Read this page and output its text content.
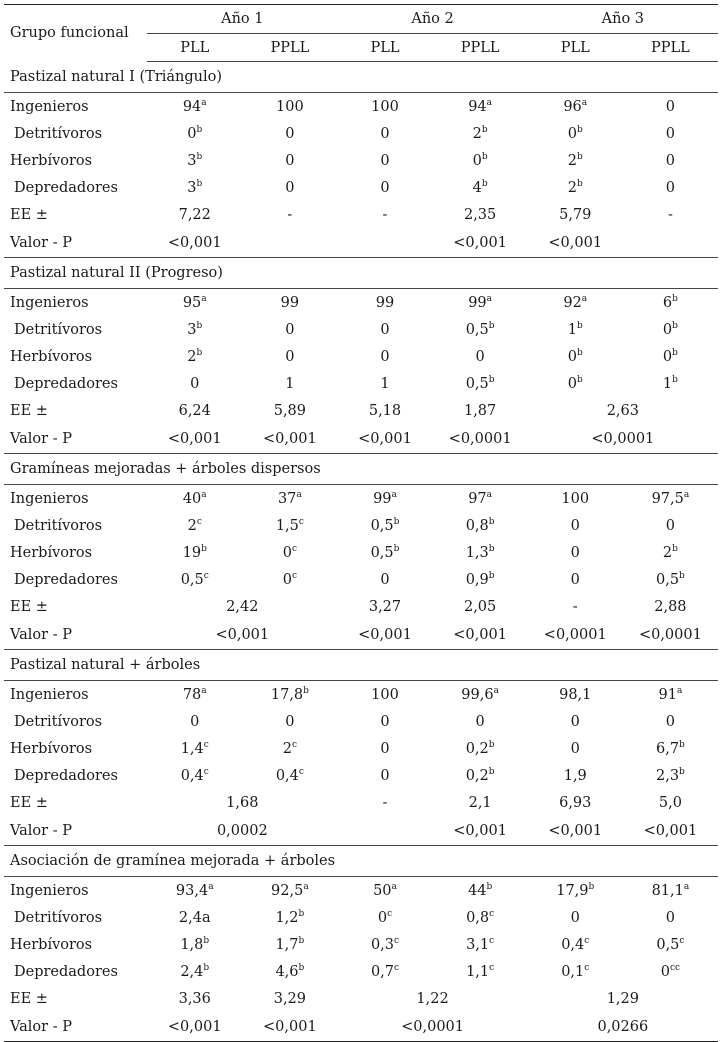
Grupo funcional	Año 1		Año 2		Año 3	
	PLL	PPLL	PLL	PPLL	PLL	PPLL
Pastizal natural I (Triángulo)						
Ingenieros	94$^a$	100	100	94$^a$	96$^a$	0
Detritívoros	0$^b$	0	0	2$^b$	0$^b$	0
Herbívoros	3$^b$	0	0	0$^b$	2$^b$	0
Depredadores	3$^b$	0	0	4$^b$	2$^b$	0
EE ±	7,22	-	-	2,35	5,79	-
Valor - P	<0,001			<0,001	<0,001	
Pastizal natural II (Progreso)						
Ingenieros	95$^a$	99	99	99$^a$	92$^a$	6$^b$
Detritívoros	3$^b$	0	0	0,5$^b$	1$^b$	0$^b$
Herbívoros	2$^b$	0	0	0	0$^b$	0$^b$
Depredadores	0	1	1	0,5$^b$	0$^b$	1$^b$
EE ±	6,24	5,89	5,18	1,87	2,63	
Valor - P	<0,001	<0,001	<0,001	<0,0001	<0,0001	
Gramíneas mejoradas + árboles dispersos						
Ingenieros	40$^a$	37$^a$	99$^a$	97$^a$	100	97,5$^a$
Detritívoros	2$^c$	1,5$^c$	0,5$^b$	0,8$^b$	0	0
Herbívoros	19$^b$	0$^c$	0,5$^b$	1,3$^b$	0	2$^b$
Depredadores	0,5$^c$	0$^c$	0	0,9$^b$	0	0,5$^b$
EE ±	2,42		3,27	2,05	-	2,88
Valor - P	<0,001		<0,001	<0,001	<0,0001	<0,0001
Pastizal natural + árboles						
Ingenieros	78$^a$	17,8$^b$	100	99,6$^a$	98,1	91$^a$
Detritívoros	0	0	0	0	0	0
Herbívoros	1,4$^c$	2$^c$	0	0,2$^b$	0	6,7$^b$
Depredadores	0,4$^c$	0,4$^c$	0	0,2$^b$	1,9	2,3$^b$
EE ±	1,68		-	2,1	6,93	5,0
Valor - P	0,0002			<0,001	<0,001	<0,001
Asociación de gramínea mejorada + árboles						
Ingenieros	93,4$^a$	92,5$^a$	50$^a$	44$^b$	17,9$^b$	81,1$^a$
Detritívoros	2,4a	1,2$^b$	0$^c$	0,8$^c$	0	0
Herbívoros	1,8$^b$	1,7$^b$	0,3$^c$	3,1$^c$	0,4$^c$	0,5$^c$
Depredadores	2,4$^b$	4,6$^b$	0,7$^c$	1,1$^c$	0,1$^c$	$0^{cc}$
EE ±	3,36	3,29	1,22		1,29	
Valor - P	<0,001	<0,001	<0,0001		0,0266	
